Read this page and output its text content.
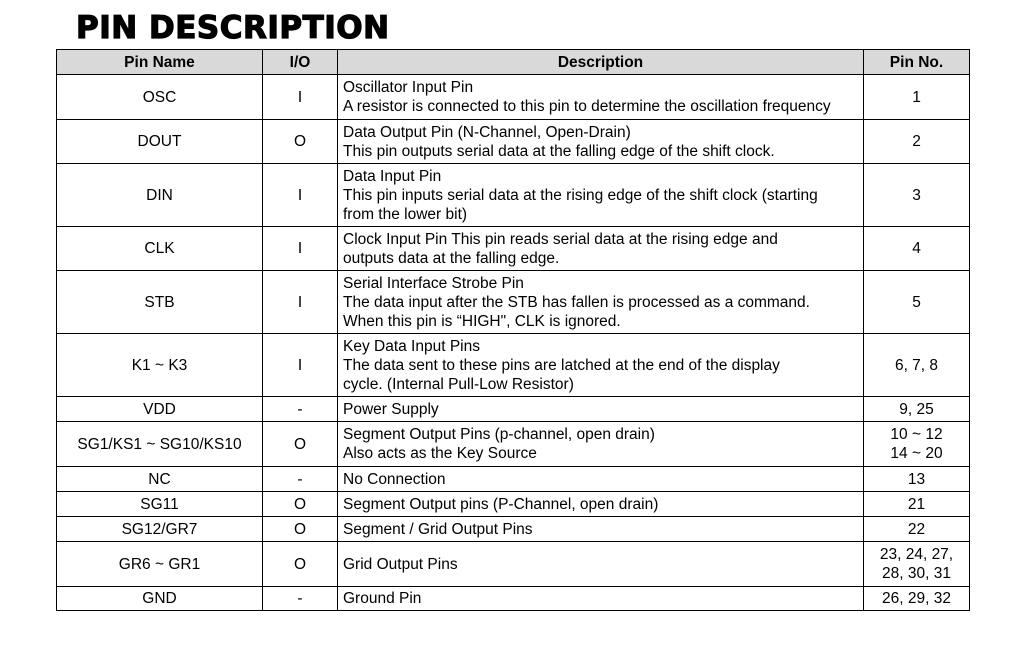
PIN DESCRIPTION
Pin Name	I/O	Description	Pin No.
OSC	I	Oscillator Input Pin
A resistor is connected to this pin to determine the oscillation frequency	1

DOUT	O	Data Output Pin (N-Channel, Open-Drain)
This pin outputs serial data at the falling edge of the shift clock.	2

DIN	I	Data Input Pin
This pin inputs serial data at the rising edge of the shift clock (starting
from the lower bit)	3

CLK	I	Clock Input Pin This pin reads serial data at the rising edge and
outputs data at the falling edge.	4

STB	I	Serial Interface Strobe Pin
The data input after the STB has fallen is processed as a command.
When this pin is “HIGH", CLK is ignored.	5

K1 ~ K3	I	Key Data Input Pins
The data sent to these pins are latched at the end of the display
cycle. (Internal Pull-Low Resistor)	6, 7, 8

VDD	-	Power Supply	9, 25

SG1/KS1 ~ SG10/KS10	O	Segment Output Pins (p-channel, open drain)
Also acts as the Key Source	10 ~ 12
14 ~ 20

NC	-	No Connection	13

SG11	O	Segment Output pins (P-Channel, open drain)	21

SG12/GR7	O	Segment / Grid Output Pins	22

GR6 ~ GR1	O	Grid Output Pins	23, 24, 27,
28, 30, 31

GND	-	Ground Pin	26, 29, 32
